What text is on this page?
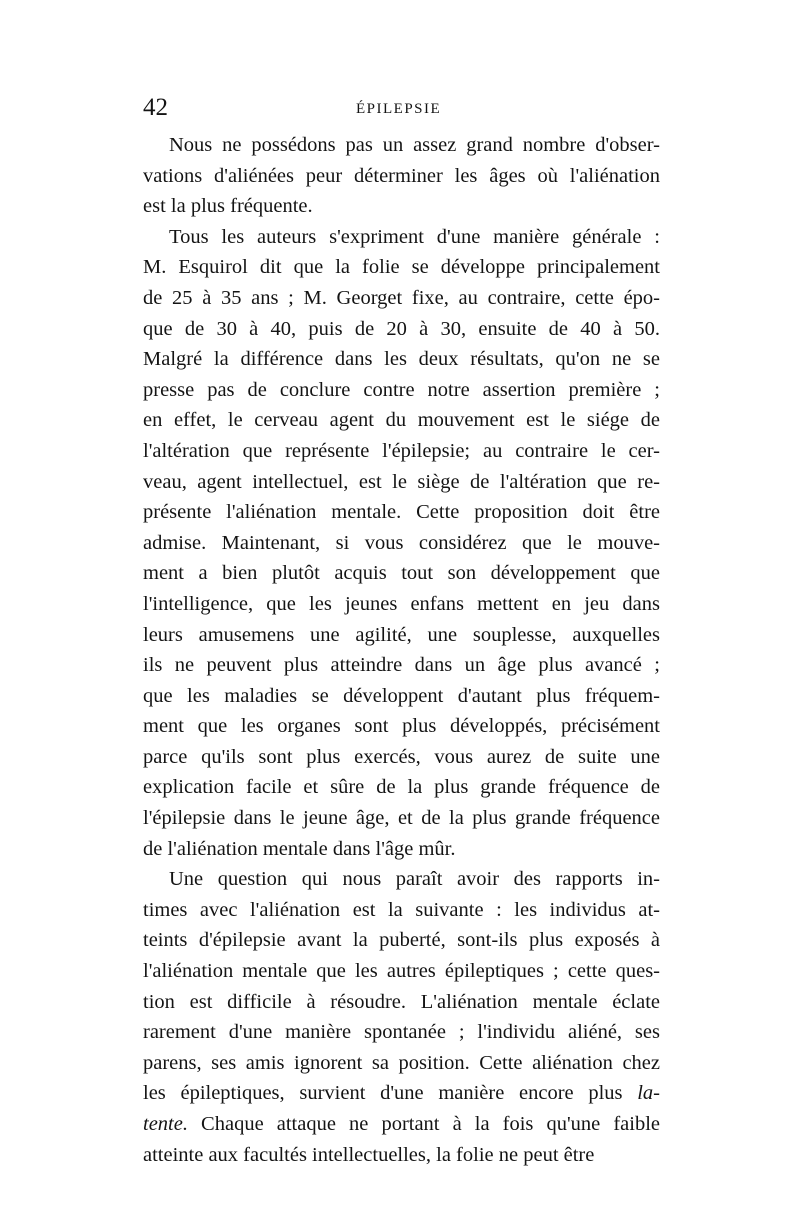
42	ÉPILEPSIE

Nous ne possédons pas un assez grand nombre d'obser-
vations d'aliénées peur déterminer les âges où l'aliénation
est la plus fréquente.

Tous les auteurs s'expriment d'une manière générale :
M. Esquirol dit que la folie se développe principalement
de 25 à 35 ans ; M. Georget fixe, au contraire, cette épo-
que de 30 à 40, puis de 20 à 30, ensuite de 40 à 50.
Malgré la différence dans les deux résultats, qu'on ne se
presse pas de conclure contre notre assertion première ;
en effet, le cerveau agent du mouvement est le siége de
l'altération que représente l'épilepsie; au contraire le cer-
veau, agent intellectuel, est le siège de l'altération que re-
présente l'aliénation mentale. Cette proposition doit être
admise. Maintenant, si vous considérez que le mouve-
ment a bien plutôt acquis tout son développement que
l'intelligence, que les jeunes enfans mettent en jeu dans
leurs amusemens une agilité, une souplesse, auxquelles
ils ne peuvent plus atteindre dans un âge plus avancé ;
que les maladies se développent d'autant plus fréquem-
ment que les organes sont plus développés, précisément
parce qu'ils sont plus exercés, vous aurez de suite une
explication facile et sûre de la plus grande fréquence de
l'épilepsie dans le jeune âge, et de la plus grande fréquence
de l'aliénation mentale dans l'âge mûr.

Une question qui nous paraît avoir des rapports in-
times avec l'aliénation est la suivante : les individus at-
teints d'épilepsie avant la puberté, sont-ils plus exposés à
l'aliénation mentale que les autres épileptiques ; cette ques-
tion est difficile à résoudre. L'aliénation mentale éclate
rarement d'une manière spontanée ; l'individu aliéné, ses
parens, ses amis ignorent sa position. Cette aliénation chez
les épileptiques, survient d'une manière encore plus la-
tente. Chaque attaque ne portant à la fois qu'une faible
atteinte aux facultés intellectuelles, la folie ne peut être
